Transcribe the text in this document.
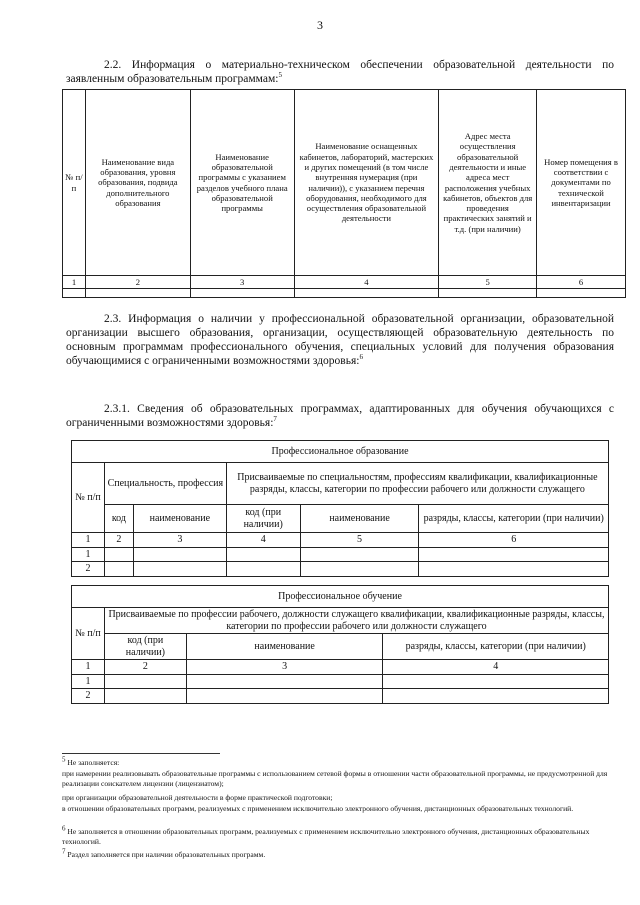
3
2.2. Информация о материально-техническом обеспечении образовательной деятельности по заявленным образовательным программам:$^5$
№ п/п	Наименование вида образования, уровня образования, подвида дополнительного образования	Наименование образовательной программы с указанием разделов учебного плана образовательной программы	Наименование оснащенных кабинетов, лабораторий, мастерских и других помещений (в том числе внутренняя нумерация (при наличии)), с указанием перечня оборудования, необходимого для осуществления образовательной деятельности	Адрес места осуществления образовательной деятельности и иные адреса мест расположения учебных кабинетов, объектов для проведения практических занятий и т.д. (при наличии)	Номер помещения в соответствии с документами по технической инвентаризации
1	2	3	4	5	6

2.3. Информация о наличии у профессиональной образовательной организации, образовательной организации высшего образования, организации, осуществляющей образовательную деятельность по основным программам профессионального обучения, специальных условий для получения образования обучающимися с ограниченными возможностями здоровья:$^6$
2.3.1. Сведения об образовательных программах, адаптированных для обучения обучающихся с ограниченными возможностями здоровья:$^7$
Профессиональное образование					
№ п/п	Специальность, профессия		Присваиваемые по специальностям, профессиям квалификации, квалификационные разряды, классы, категории по профессии рабочего или должности служащего		
	код	наименование	код (при наличии)	наименование	разряды, классы, категории (при наличии)
1	2	3	4	5	6
1					
2					
Профессиональное обучение			
№ п/п	Присваиваемые по профессии рабочего, должности служащего квалификации, квалификационные разряды, классы, категории по профессии рабочего или должности служащего		
	код (при наличии)	наименование	разряды, классы, категории (при наличии)
1	2	3	4
1			
2			
$^5$ Не заполняется:
при намерении реализовывать образовательные программы с использованием сетевой формы в отношении части образовательной программы, не предусмотренной для реализации соискателем лицензии (лицензиатом);
при организации образовательной деятельности в форме практической подготовки;
в отношении образовательных программ, реализуемых с применением исключительно электронного обучения, дистанционных образовательных технологий.
$^6$ Не заполняется в отношении образовательных программ, реализуемых с применением исключительно электронного обучения, дистанционных образовательных технологий.
$^7$ Раздел заполняется при наличии образовательных программ.
